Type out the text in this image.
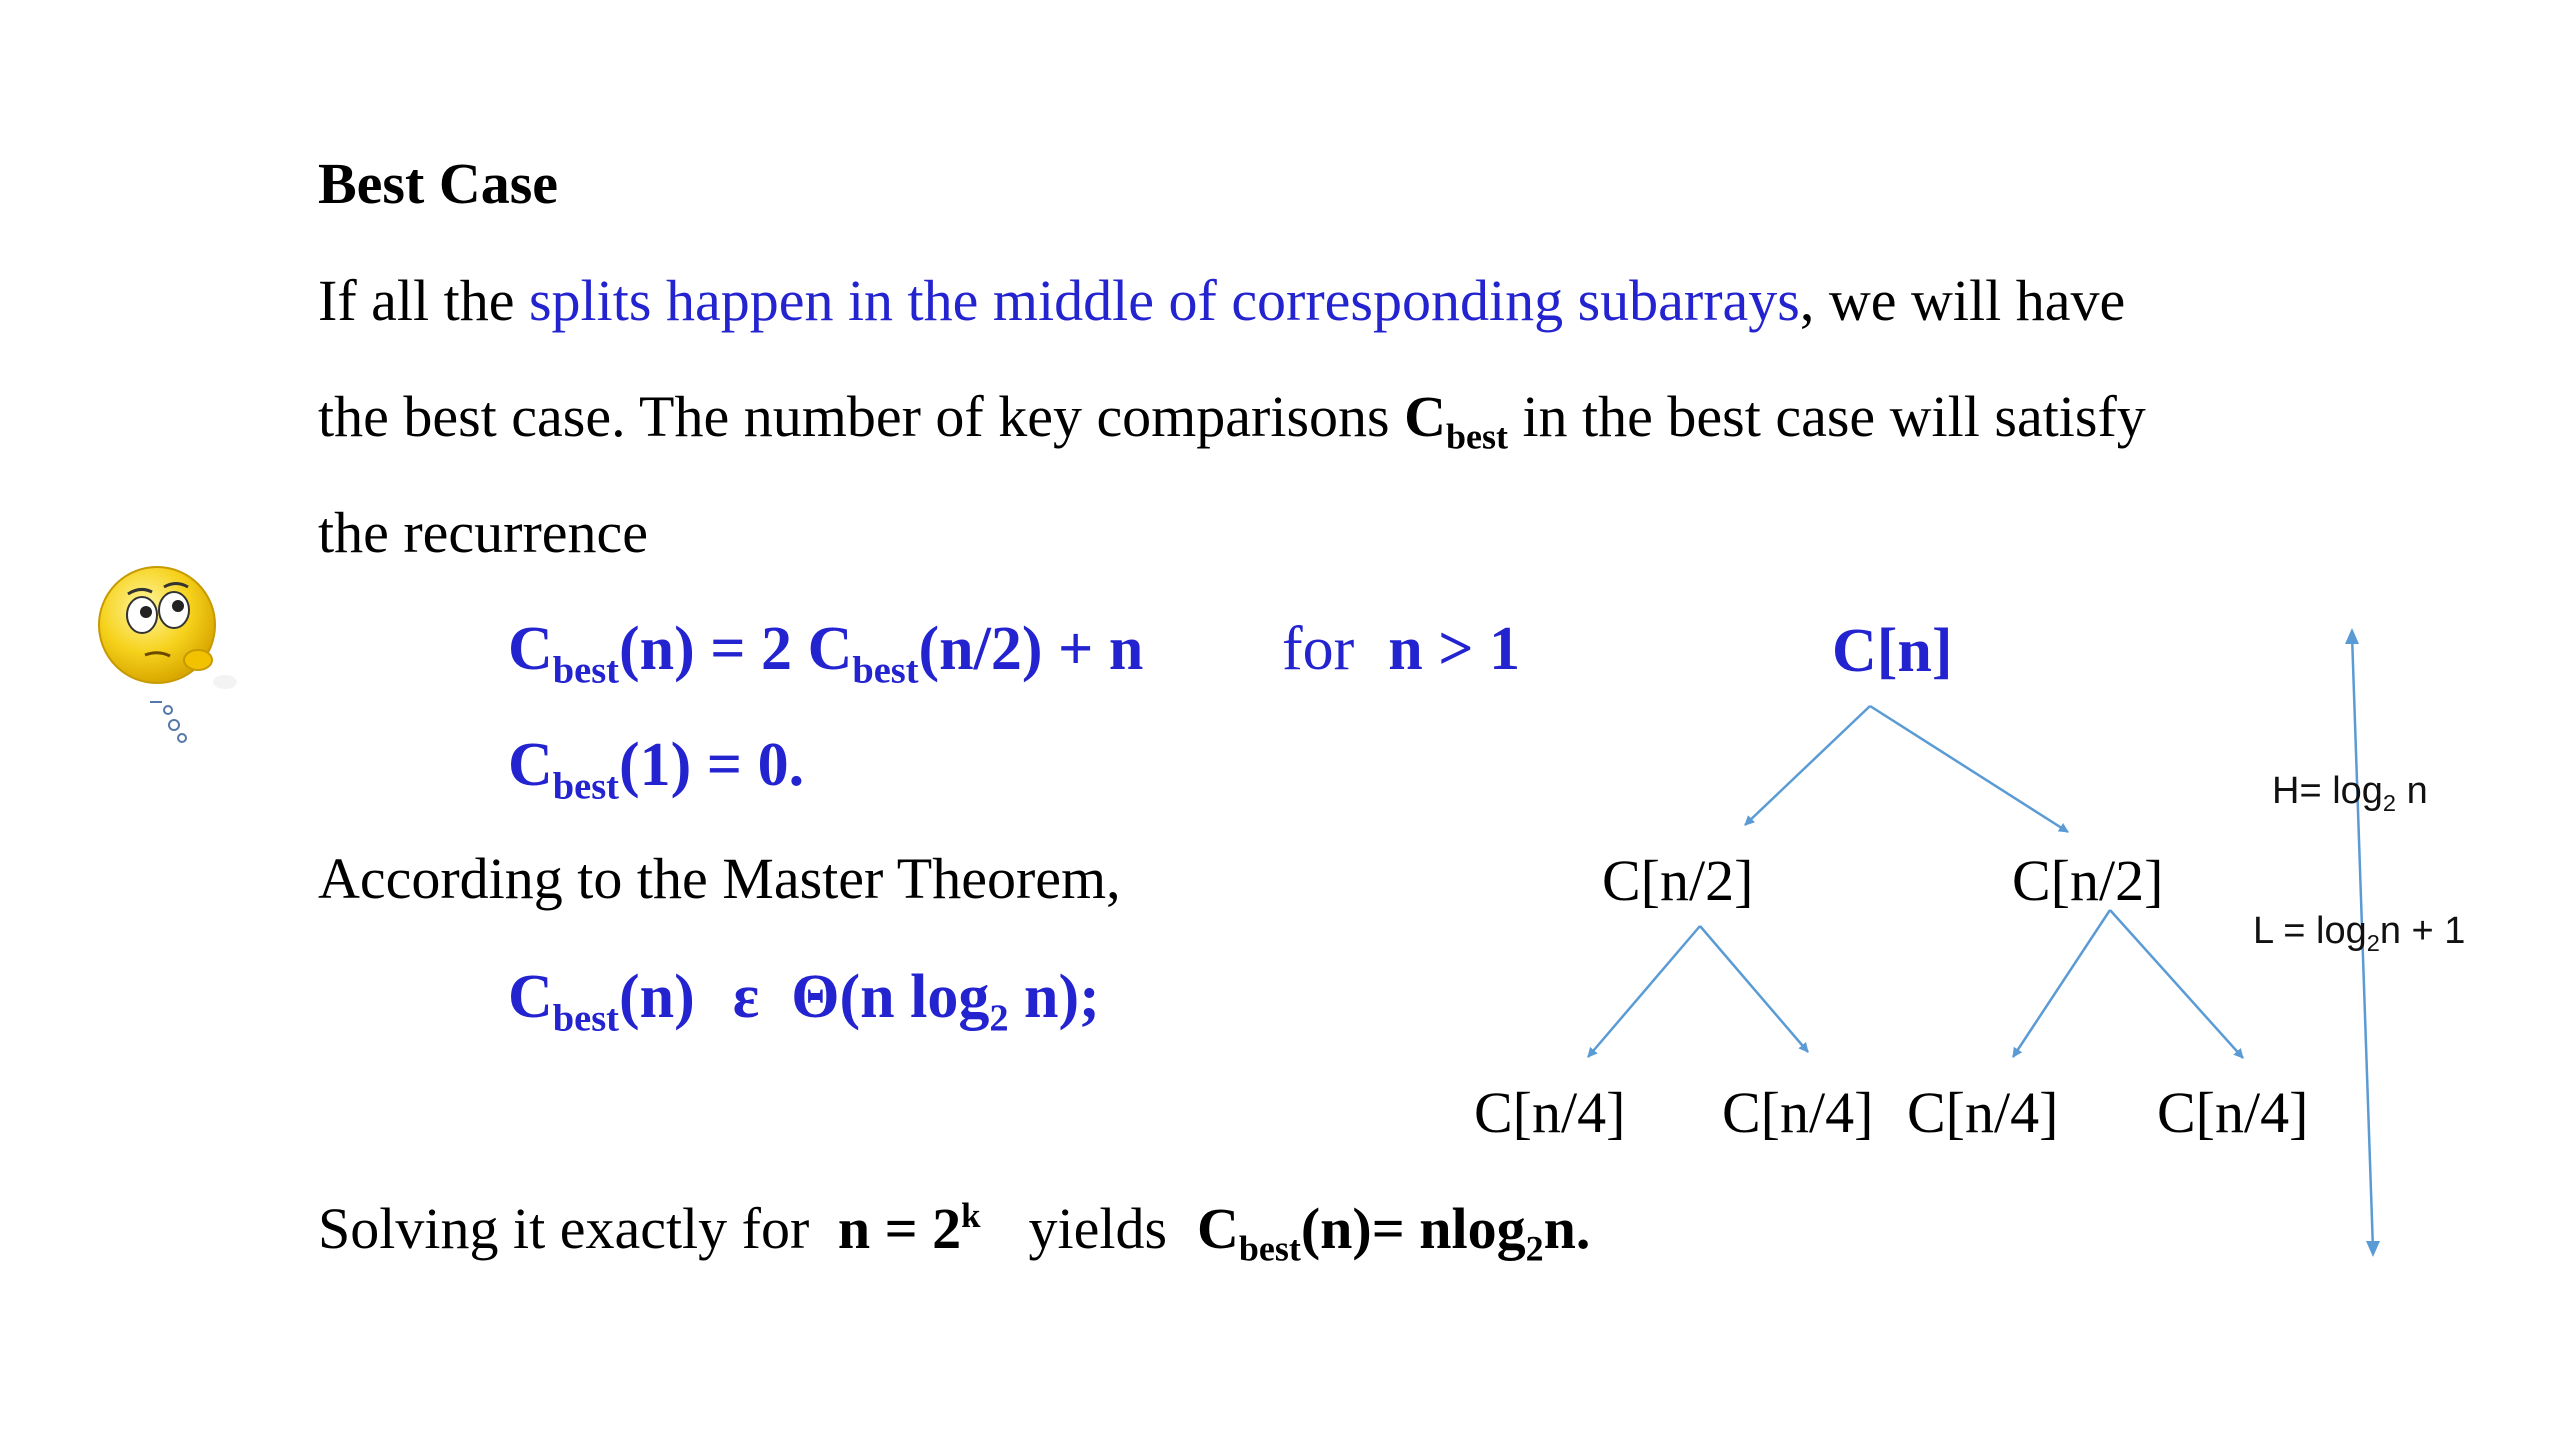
Best Case
If all the splits happen in the middle of corresponding subarrays, we will have
the best case. The number of key comparisons $C_{best}$ in the best case will satisfy
the recurrence
$C_{best}(n) = 2$ $C_{best}(n/2) + n$ for n > 1
$C_{best}(1) = 0$.
According to the Master Theorem,
$C_{best}(n)$ ε Θ(n $\log_2 n$);
Solving it exactly for $n = 2^k$ yields $C_{best}(n)= nlog_2n$.
C[n]
C[n/2]	C[n/2]
C[n/4] C[n/4] C[n/4] C[n/4]
$H= \log_2 n$
$L = \log_2n + 1$
